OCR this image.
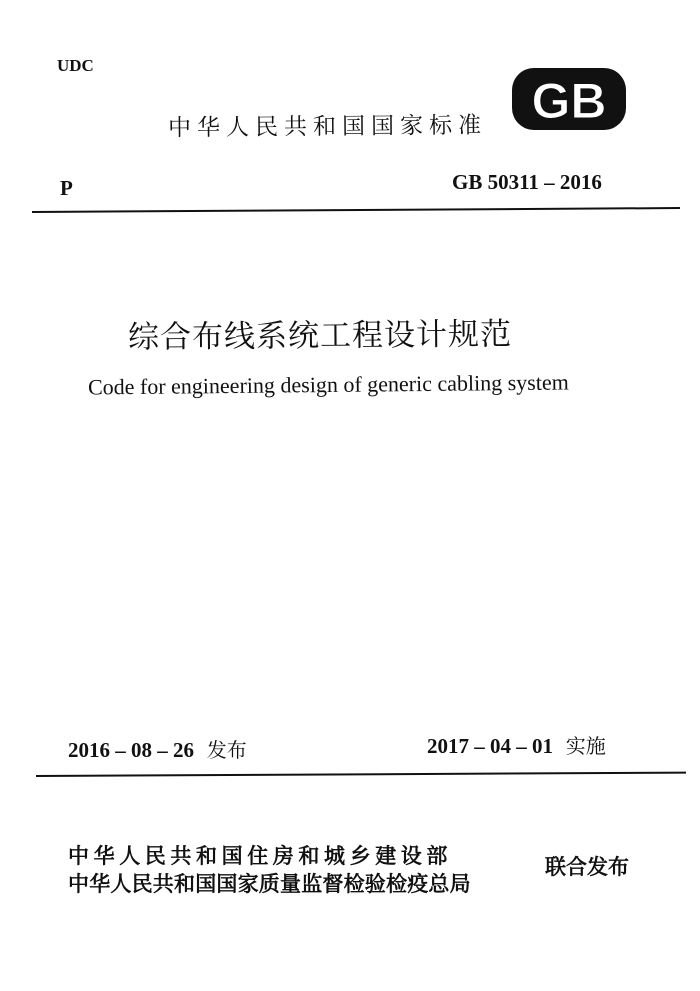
UDC
中华人民共和国国家标准 GB
P	GB 50311 – 2016
综合布线系统工程设计规范
Code for engineering design of generic cabling system
2016 – 08 – 26 发布	2017 – 04 – 01 实施
中华人民共和国住房和城乡建设部
中华人民共和国国家质量监督检验检疫总局
联合发布
